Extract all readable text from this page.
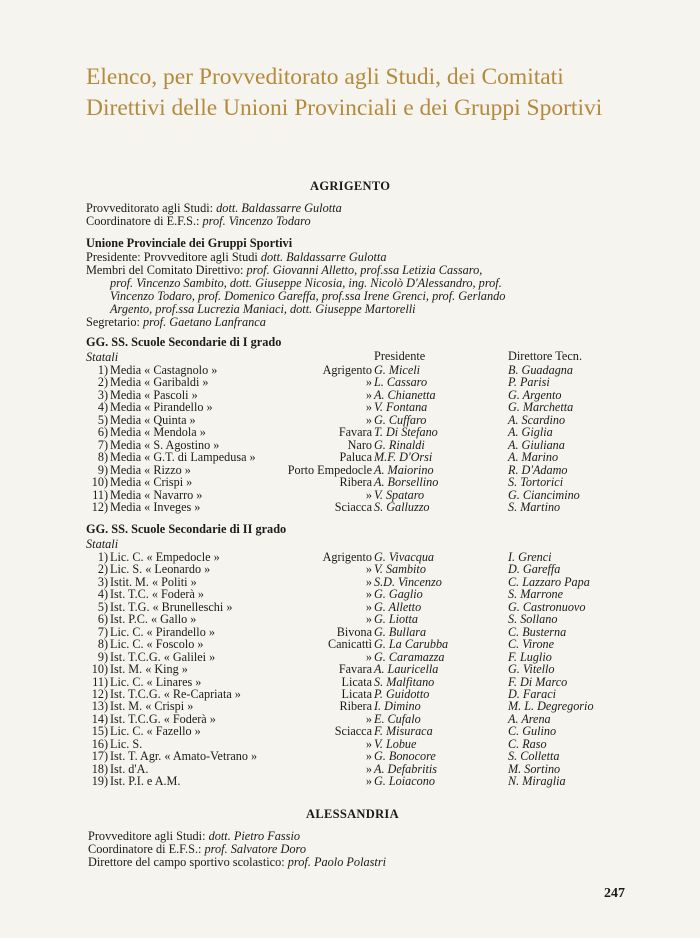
Elenco, per Provveditorato agli Studi, dei Comitati
Direttivi delle Unioni Provinciali e dei Gruppi Sportivi
AGRIGENTO
Provveditorato agli Studi: dott. Baldassarre Gulotta
Coordinatore di E.F.S.: prof. Vincenzo Todaro
Unione Provinciale dei Gruppi Sportivi
Presidente: Provveditore agli Studi dott. Baldassarre Gulotta
Membri del Comitato Direttivo: prof. Giovanni Alletto, prof.ssa Letizia Cassaro,
prof. Vincenzo Sambito, dott. Giuseppe Nicosia, ing. Nicolò D'Alessandro, prof.
Vincenzo Todaro, prof. Domenico Gareffa, prof.ssa Irene Grenci, prof. Gerlando
Argento, prof.ssa Lucrezia Maniaci, dott. Giuseppe Martorelli
Segretario: prof. Gaetano Lanfranca
GG. SS. Scuole Secondarie di I grado
Statali	Presidente	Direttore Tecn.
1) Media « Castagnolo »	Agrigento G. Miceli	B. Guadagna
2) Media « Garibaldi »	» L. Cassaro	P. Parisi
3) Media « Pascoli »	» A. Chianetta	G. Argento
4) Media « Pirandello »	» V. Fontana	G. Marchetta
5) Media « Quinta »	» G. Cuffaro	A. Scardino
6) Media « Mendola »	Favara T. Di Stefano	A. Giglia
7) Media « S. Agostino »	Naro G. Rinaldi	A. Giuliana
8) Media « G.T. di Lampedusa »	Paluca M.F. D'Orsi	A. Marino
9) Media « Rizzo »	Porto Empedocle A. Maiorino	R. D'Adamo
10) Media « Crispi »	Ribera A. Borsellino	S. Tortorici
11) Media « Navarro »	» V. Spataro	G. Ciancimino
12) Media « Inveges »	Sciacca S. Galluzzo	S. Martino
GG. SS. Scuole Secondarie di II grado
Statali
1) Lic. C. « Empedocle »	Agrigento G. Vivacqua	I. Grenci
2) Lic. S. « Leonardo »	» V. Sambito	D. Gareffa
3) Istit. M. « Politi »	» S.D. Vincenzo	C. Lazzaro Papa
4) Ist. T.C. « Foderà »	» G. Gaglio	S. Marrone
5) Ist. T.G. « Brunelleschi »	» G. Alletto	G. Castronuovo
6) Ist. P.C. « Gallo »	» G. Liotta	S. Sollano
7) Lic. C. « Pirandello »	Bivona G. Bullara	C. Busterna
8) Lic. C. « Foscolo »	Canicattì G. La Carubba	C. Virone
9) Ist. T.C.G. « Galilei »	» G. Caramazza	F. Luglio
10) Ist. M. « King »	Favara A. Lauricella	G. Vitello
11) Lic. C. « Linares »	Licata S. Malfitano	F. Di Marco
12) Ist. T.C.G. « Re-Capriata »	Licata P. Guidotto	D. Faraci
13) Ist. M. « Crispi »	Ribera I. Dimino	M. L. Degregorio
14) Ist. T.C.G. « Foderà »	» E. Cufalo	A. Arena
15) Lic. C. « Fazello »	Sciacca F. Misuraca	C. Gulino
16) Lic. S.	» V. Lobue	C. Raso
17) Ist. T. Agr. « Amato-Vetrano »	» G. Bonocore	S. Colletta
18) Ist. d'A.	» A. Defabritis	M. Sortino
19) Ist. P.I. e A.M.	» G. Loiacono	N. Miraglia
ALESSANDRIA
Provveditore agli Studi: dott. Pietro Fassio
Coordinatore di E.F.S.: prof. Salvatore Doro
Direttore del campo sportivo scolastico: prof. Paolo Polastri
247
